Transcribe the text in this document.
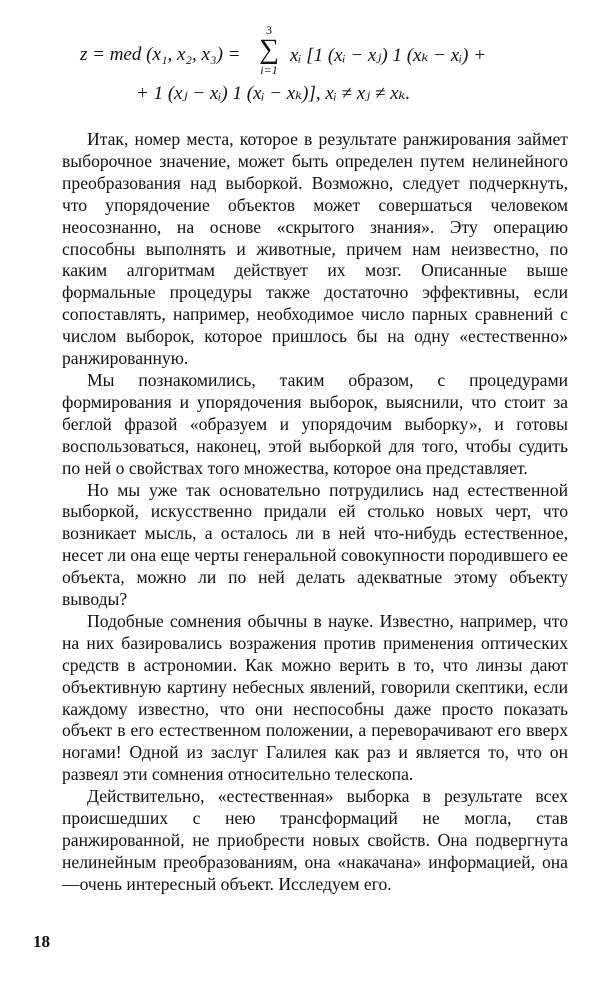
z = med (x₁, x₂, x₃) =
3
∑
i=1
xᵢ [1 (xᵢ − xⱼ) 1 (xₖ − xᵢ) +
+ 1 (xⱼ − xᵢ) 1 (xᵢ − xₖ)], xᵢ ≠ xⱼ ≠ xₖ.

Итак, номер места, которое в результате ранжирования займет выборочное значение, может быть определен путем нелинейного преобразования над выборкой. Возможно, следует подчеркнуть, что упорядочение объектов может совершаться человеком неосознанно, на основе «скрытого знания». Эту операцию способны выполнять и животные, причем нам неизвестно, по каким алгоритмам действует их мозг. Описанные выше формальные процедуры также достаточно эффективны, если сопоставлять, например, необходимое число парных сравнений с числом выборок, которое пришлось бы на одну «естественно» ранжированную.

Мы познакомились, таким образом, с процедурами формирования и упорядочения выборок, выяснили, что стоит за беглой фразой «образуем и упорядочим выборку», и готовы воспользоваться, наконец, этой выборкой для того, чтобы судить по ней о свойствах того множества, которое она представляет.

Но мы уже так основательно потрудились над естественной выборкой, искусственно придали ей столько новых черт, что возникает мысль, а осталось ли в ней что-нибудь естественное, несет ли она еще черты генеральной совокупности породившего ее объекта, можно ли по ней делать адекватные этому объекту выводы?

Подобные сомнения обычны в науке. Известно, например, что на них базировались возражения против применения оптических средств в астрономии. Как можно верить в то, что линзы дают объективную картину небесных явлений, говорили скептики, если каждому известно, что они неспособны даже просто показать объект в его естественном положении, а переворачивают его вверх ногами! Одной из заслуг Галилея как раз и является то, что он развеял эти сомнения относительно телескопа.

Действительно, «естественная» выборка в результате всех происшедших с нею трансформаций не могла, став ранжированной, не приобрести новых свойств. Она подвергнута нелинейным преобразованиям, она «накачана» информацией, она—очень интересный объект. Исследуем его.

18
